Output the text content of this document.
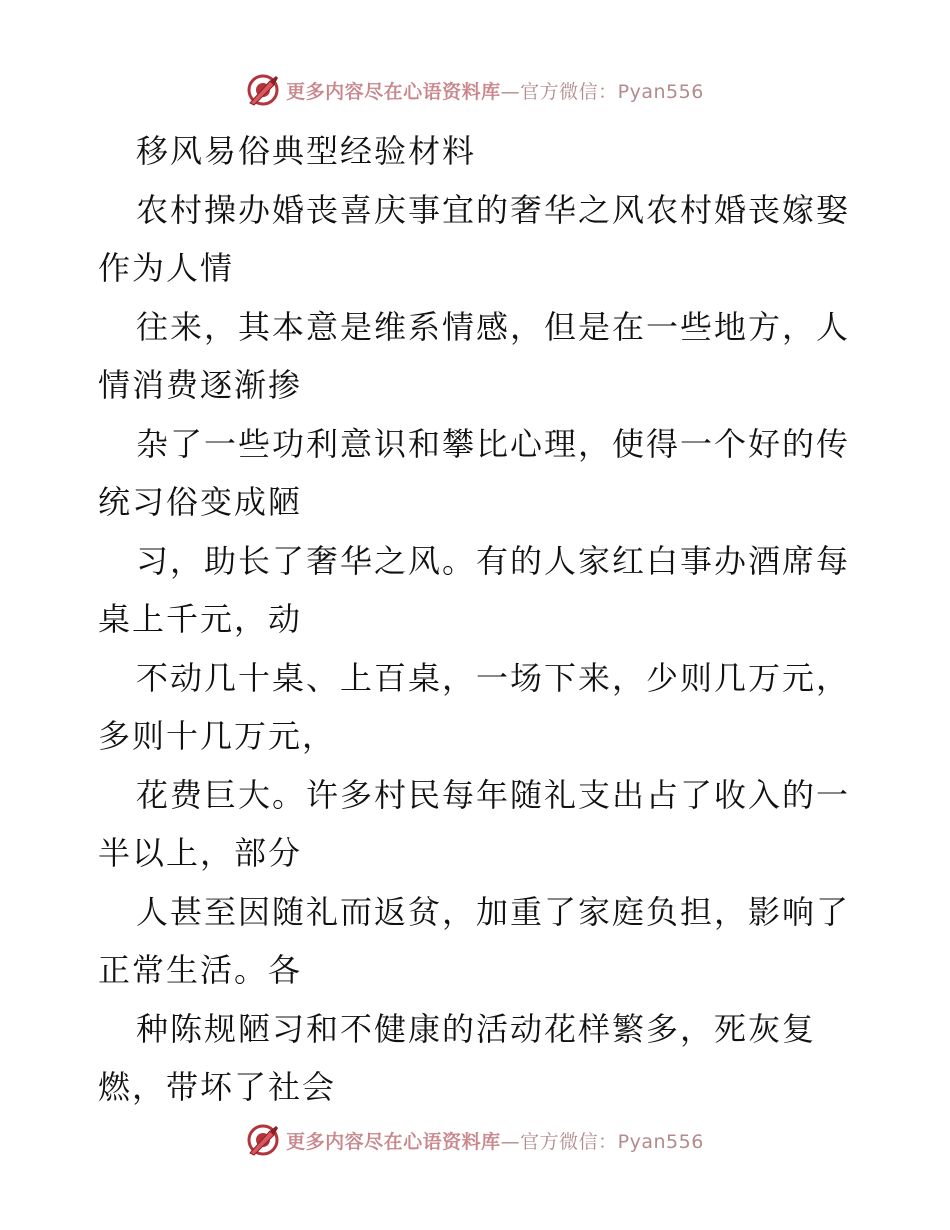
更多内容尽在心语资料库—官方微信：Pyan556
移风易俗典型经验材料
农村操办婚丧喜庆事宜的奢华之风农村婚丧嫁娶
作为人情
往来，其本意是维系情感，但是在一些地方，人
情消费逐渐掺
杂了一些功利意识和攀比心理，使得一个好的传
统习俗变成陋
习，助长了奢华之风。有的人家红白事办酒席每
桌上千元，动
不动几十桌、上百桌，一场下来，少则几万元，
多则十几万元，
花费巨大。许多村民每年随礼支出占了收入的一
半以上，部分
人甚至因随礼而返贫，加重了家庭负担，影响了
正常生活。各
种陈规陋习和不健康的活动花样繁多，死灰复
燃，带坏了社会
更多内容尽在心语资料库—官方微信：Pyan556
